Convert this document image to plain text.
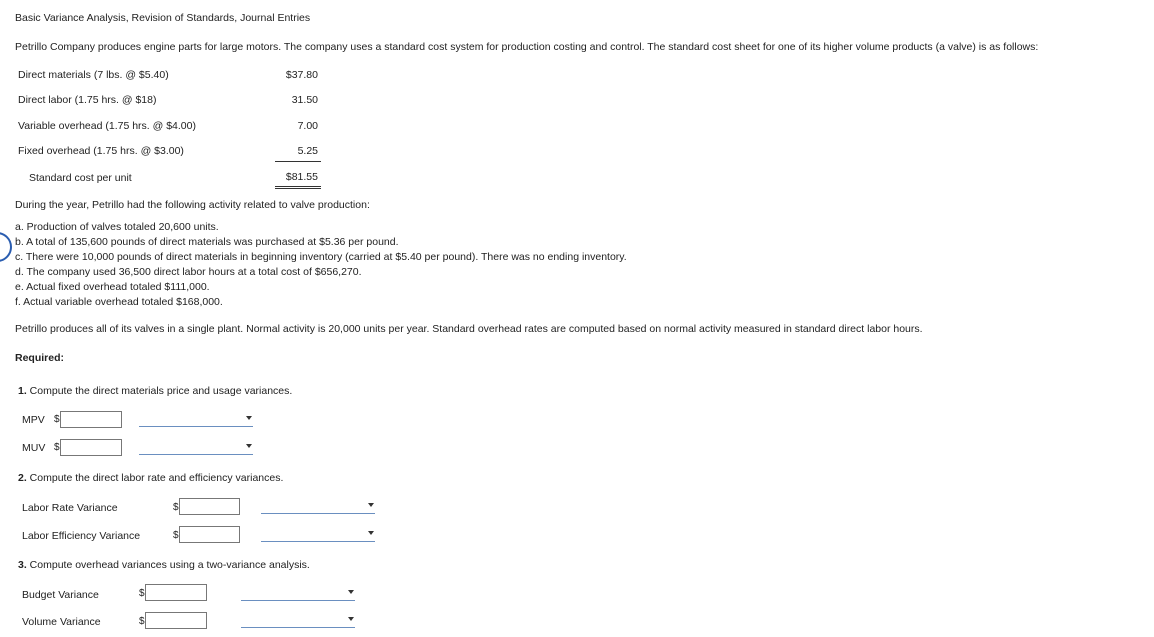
Basic Variance Analysis, Revision of Standards, Journal Entries
Petrillo Company produces engine parts for large motors. The company uses a standard cost system for production costing and control. The standard cost sheet for one of its higher volume products (a valve) is as follows:
Direct materials (7 lbs. @ $5.40)	$37.80
Direct labor (1.75 hrs. @ $18)	31.50
Variable overhead (1.75 hrs. @ $4.00)	7.00
Fixed overhead (1.75 hrs. @ $3.00)	5.25
Standard cost per unit	$81.55
During the year, Petrillo had the following activity related to valve production:
a. Production of valves totaled 20,600 units.
b. A total of 135,600 pounds of direct materials was purchased at $5.36 per pound.
c. There were 10,000 pounds of direct materials in beginning inventory (carried at $5.40 per pound). There was no ending inventory.
d. The company used 36,500 direct labor hours at a total cost of $656,270.
e. Actual fixed overhead totaled $111,000.
f. Actual variable overhead totaled $168,000.
Petrillo produces all of its valves in a single plant. Normal activity is 20,000 units per year. Standard overhead rates are computed based on normal activity measured in standard direct labor hours.
Required:
1. Compute the direct materials price and usage variances.
MPV $
MUV $
2. Compute the direct labor rate and efficiency variances.
Labor Rate Variance	$
Labor Efficiency Variance	$
3. Compute overhead variances using a two-variance analysis.
Budget Variance	$
Volume Variance	$
